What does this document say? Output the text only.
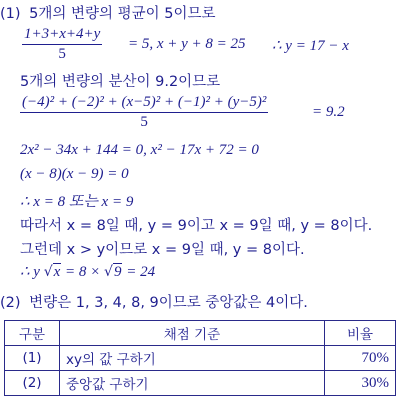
(1) 5개의 변량의 평균이 5이므로
1+3+x+4+y
5
= 5, x + y + 8 = 25 ∴ y = 17 − x
5개의 변량의 분산이 9.2이므로
(−4)² + (−2)² + (x−5)² + (−1)² + (y−5)²
5
= 9.2
2x² − 34x + 144 = 0, x² − 17x + 72 = 0
(x − 8)(x − 9) = 0
∴ x = 8 또는 x = 9
따라서 x = 8일 때, y = 9이고 x = 9일 때, y = 8이다.
그런데 x > y이므로 x = 9일 때, y = 8이다.
∴ y √x = 8 × √9 = 24
(2) 변량은 1, 3, 4, 8, 9이므로 중앙값은 4이다.
구분	채점 기준	비율
(1)	xy의 값 구하기	70%
(2)	중앙값 구하기	30%
